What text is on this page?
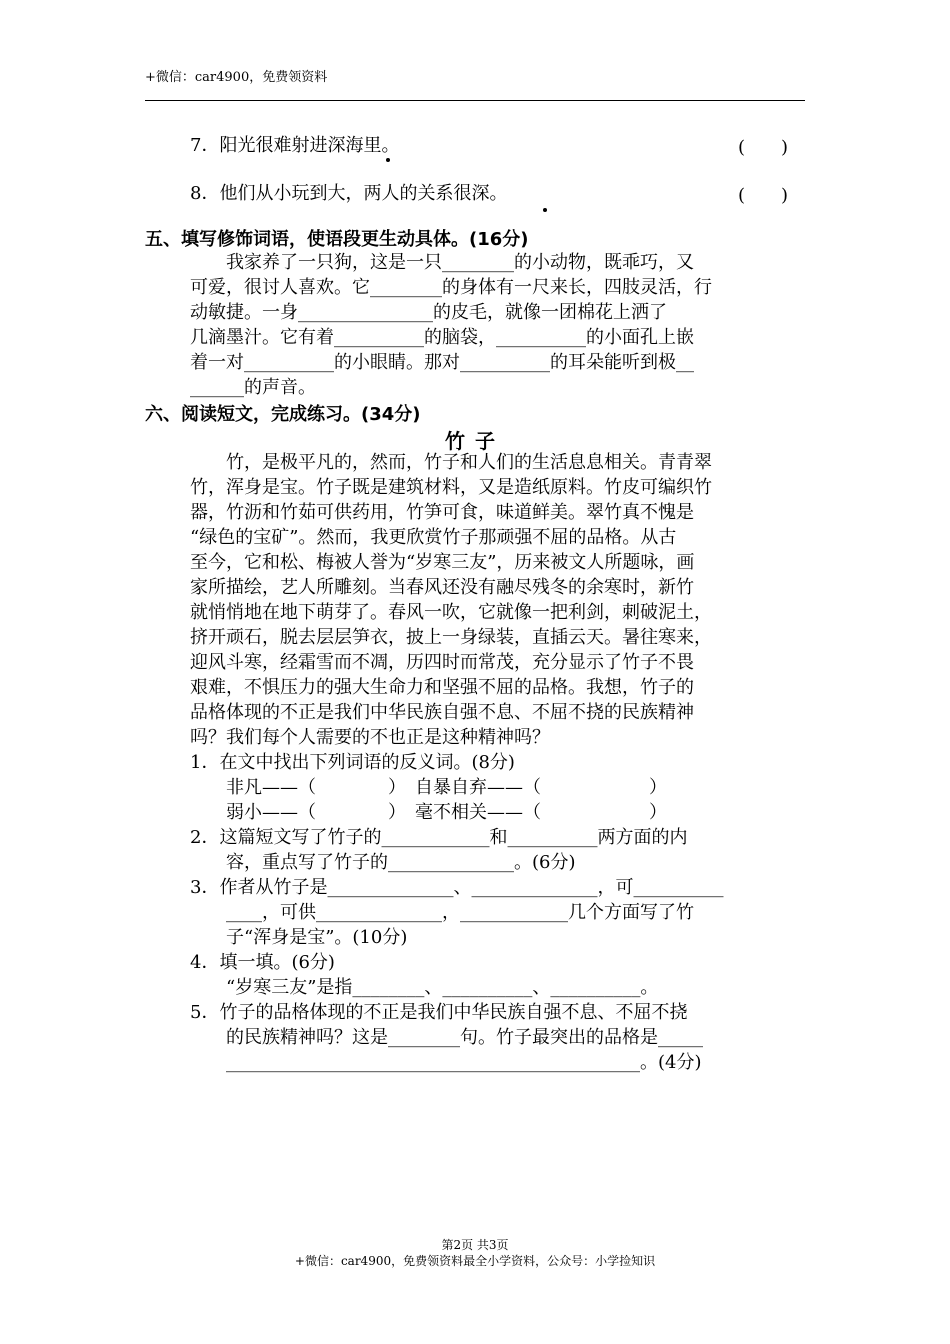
+微信：car4900，免费领资料
7．阳光很难射进深海里。	(　　)
8．他们从小玩到大，两人的关系很深。	(　　)
五、填写修饰词语，使语段更生动具体。(16分)
　　我家养了一只狗，这是一只________的小动物，既乖巧，又
可爱，很讨人喜欢。它________的身体有一尺来长，四肢灵活，行
动敏捷。一身_______________的皮毛，就像一团棉花上洒了
几滴墨汁。它有着__________的脑袋，__________的小面孔上嵌
着一对__________的小眼睛。那对__________的耳朵能听到极__
______的声音。
六、阅读短文，完成练习。(34分)
竹子
　　竹，是极平凡的，然而，竹子和人们的生活息息相关。青青翠
竹，浑身是宝。竹子既是建筑材料，又是造纸原料。竹皮可编织竹
器，竹沥和竹茹可供药用，竹笋可食，味道鲜美。翠竹真不愧是
“绿色的宝矿”。然而，我更欣赏竹子那顽强不屈的品格。从古
至今，它和松、梅被人誉为“岁寒三友”，历来被文人所题咏，画
家所描绘，艺人所雕刻。当春风还没有融尽残冬的余寒时，新竹
就悄悄地在地下萌芽了。春风一吹，它就像一把利剑，刺破泥土，
挤开顽石，脱去层层笋衣，披上一身绿装，直插云天。暑往寒来，
迎风斗寒，经霜雪而不凋，历四时而常茂，充分显示了竹子不畏
艰难，不惧压力的强大生命力和坚强不屈的品格。我想，竹子的
品格体现的不正是我们中华民族自强不息、不屈不挠的民族精神
吗？我们每个人需要的不也正是这种精神吗？
1．在文中找出下列词语的反义词。(8分)
　　非凡——（　　　　）　自暴自弃——（　　　　　　）
　　弱小——（　　　　）　毫不相关——（　　　　　　）
2．这篇短文写了竹子的____________和__________两方面的内
　　容，重点写了竹子的______________。(6分)
3．作者从竹子是______________、______________，可__________
　　____，可供______________，____________几个方面写了竹
　　子“浑身是宝”。(10分)
4．填一填。(6分)
　　“岁寒三友”是指________、__________、__________。
5．竹子的品格体现的不正是我们中华民族自强不息、不屈不挠
　　的民族精神吗？这是________句。竹子最突出的品格是_____
　　______________________________________________。(4分)
第2页 共3页
+微信：car4900，免费领资料最全小学资料，公众号：小学捡知识
